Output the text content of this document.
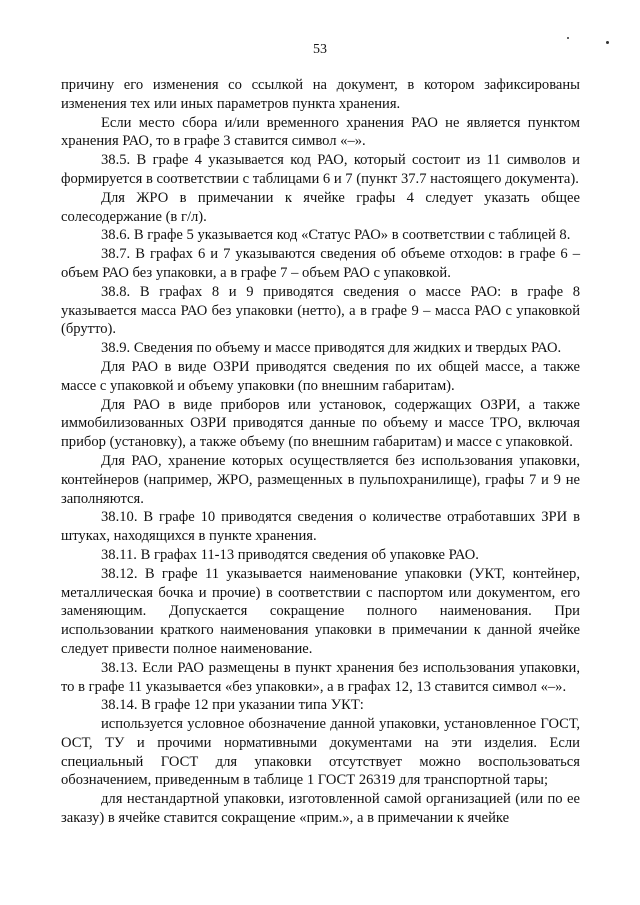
53

причину его изменения со ссылкой на документ, в котором зафиксированы изменения тех или иных параметров пункта хранения.

Если место сбора и/или временного хранения РАО не является пунктом хранения РАО, то в графе 3 ставится символ «–».

38.5. В графе 4 указывается код РАО, который состоит из 11 символов и формируется в соответствии с таблицами 6 и 7 (пункт 37.7 настоящего документа).

Для ЖРО в примечании к ячейке графы 4 следует указать общее солесодержание (в г/л).

38.6. В графе 5 указывается код «Статус РАО» в соответствии с таблицей 8.

38.7. В графах 6 и 7 указываются сведения об объеме отходов: в графе 6 – объем РАО без упаковки, а в графе 7 – объем РАО с упаковкой.

38.8. В графах 8 и 9 приводятся сведения о массе РАО: в графе 8 указывается масса РАО без упаковки (нетто), а в графе 9 – масса РАО с упаковкой (брутто).

38.9. Сведения по объему и массе приводятся для жидких и твердых РАО.

Для РАО в виде ОЗРИ приводятся сведения по их общей массе, а также массе с упаковкой и объему упаковки (по внешним габаритам).

Для РАО в виде приборов или установок, содержащих ОЗРИ, а также иммобилизованных ОЗРИ приводятся данные по объему и массе ТРО, включая прибор (установку), а также объему (по внешним габаритам) и массе с упаковкой.

Для РАО, хранение которых осуществляется без использования упаковки, контейнеров (например, ЖРО, размещенных в пульпохранилище), графы 7 и 9 не заполняются.

38.10. В графе 10 приводятся сведения о количестве отработавших ЗРИ в штуках, находящихся в пункте хранения.

38.11. В графах 11-13 приводятся сведения об упаковке РАО.

38.12. В графе 11 указывается наименование упаковки (УКТ, контейнер, металлическая бочка и прочие) в соответствии с паспортом или документом, его заменяющим. Допускается сокращение полного наименования. При использовании краткого наименования упаковки в примечании к данной ячейке следует привести полное наименование.

38.13. Если РАО размещены в пункт хранения без использования упаковки, то в графе 11 указывается «без упаковки», а в графах 12, 13 ставится символ «–».

38.14. В графе 12 при указании типа УКТ:

используется условное обозначение данной упаковки, установленное ГОСТ, ОСТ, ТУ и прочими нормативными документами на эти изделия. Если специальный ГОСТ для упаковки отсутствует можно воспользоваться обозначением, приведенным в таблице 1 ГОСТ 26319 для транспортной тары;

для нестандартной упаковки, изготовленной самой организацией (или по ее заказу) в ячейке ставится сокращение «прим.», а в примечании к ячейке
